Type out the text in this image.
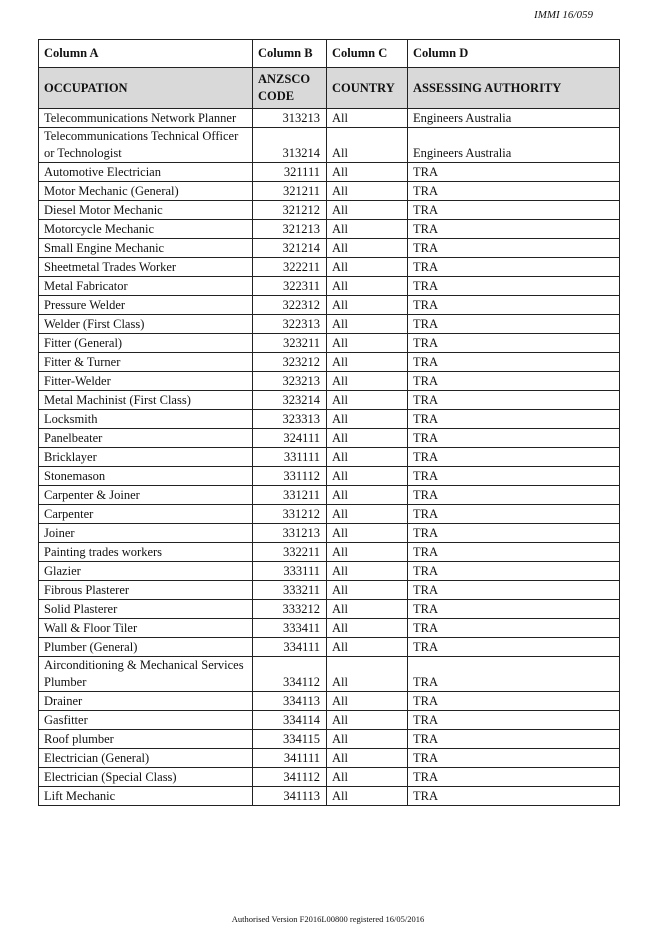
IMMI 16/059
Column A	Column B	Column C	Column D
OCCUPATION	ANZSCO CODE	COUNTRY	ASSESSING AUTHORITY
Telecommunications Network Planner	313213	All	Engineers Australia
Telecommunications Technical Officer or Technologist	313214	All	Engineers Australia
Automotive Electrician	321111	All	TRA
Motor Mechanic (General)	321211	All	TRA
Diesel Motor Mechanic	321212	All	TRA
Motorcycle Mechanic	321213	All	TRA
Small Engine Mechanic	321214	All	TRA
Sheetmetal Trades Worker	322211	All	TRA
Metal Fabricator	322311	All	TRA
Pressure Welder	322312	All	TRA
Welder (First Class)	322313	All	TRA
Fitter (General)	323211	All	TRA
Fitter & Turner	323212	All	TRA
Fitter-Welder	323213	All	TRA
Metal Machinist (First Class)	323214	All	TRA
Locksmith	323313	All	TRA
Panelbeater	324111	All	TRA
Bricklayer	331111	All	TRA
Stonemason	331112	All	TRA
Carpenter & Joiner	331211	All	TRA
Carpenter	331212	All	TRA
Joiner	331213	All	TRA
Painting trades workers	332211	All	TRA
Glazier	333111	All	TRA
Fibrous Plasterer	333211	All	TRA
Solid Plasterer	333212	All	TRA
Wall & Floor Tiler	333411	All	TRA
Plumber (General)	334111	All	TRA
Airconditioning & Mechanical Services Plumber	334112	All	TRA
Drainer	334113	All	TRA
Gasfitter	334114	All	TRA
Roof plumber	334115	All	TRA
Electrician (General)	341111	All	TRA
Electrician (Special Class)	341112	All	TRA
Lift Mechanic	341113	All	TRA
Authorised Version F2016L00800 registered 16/05/2016
